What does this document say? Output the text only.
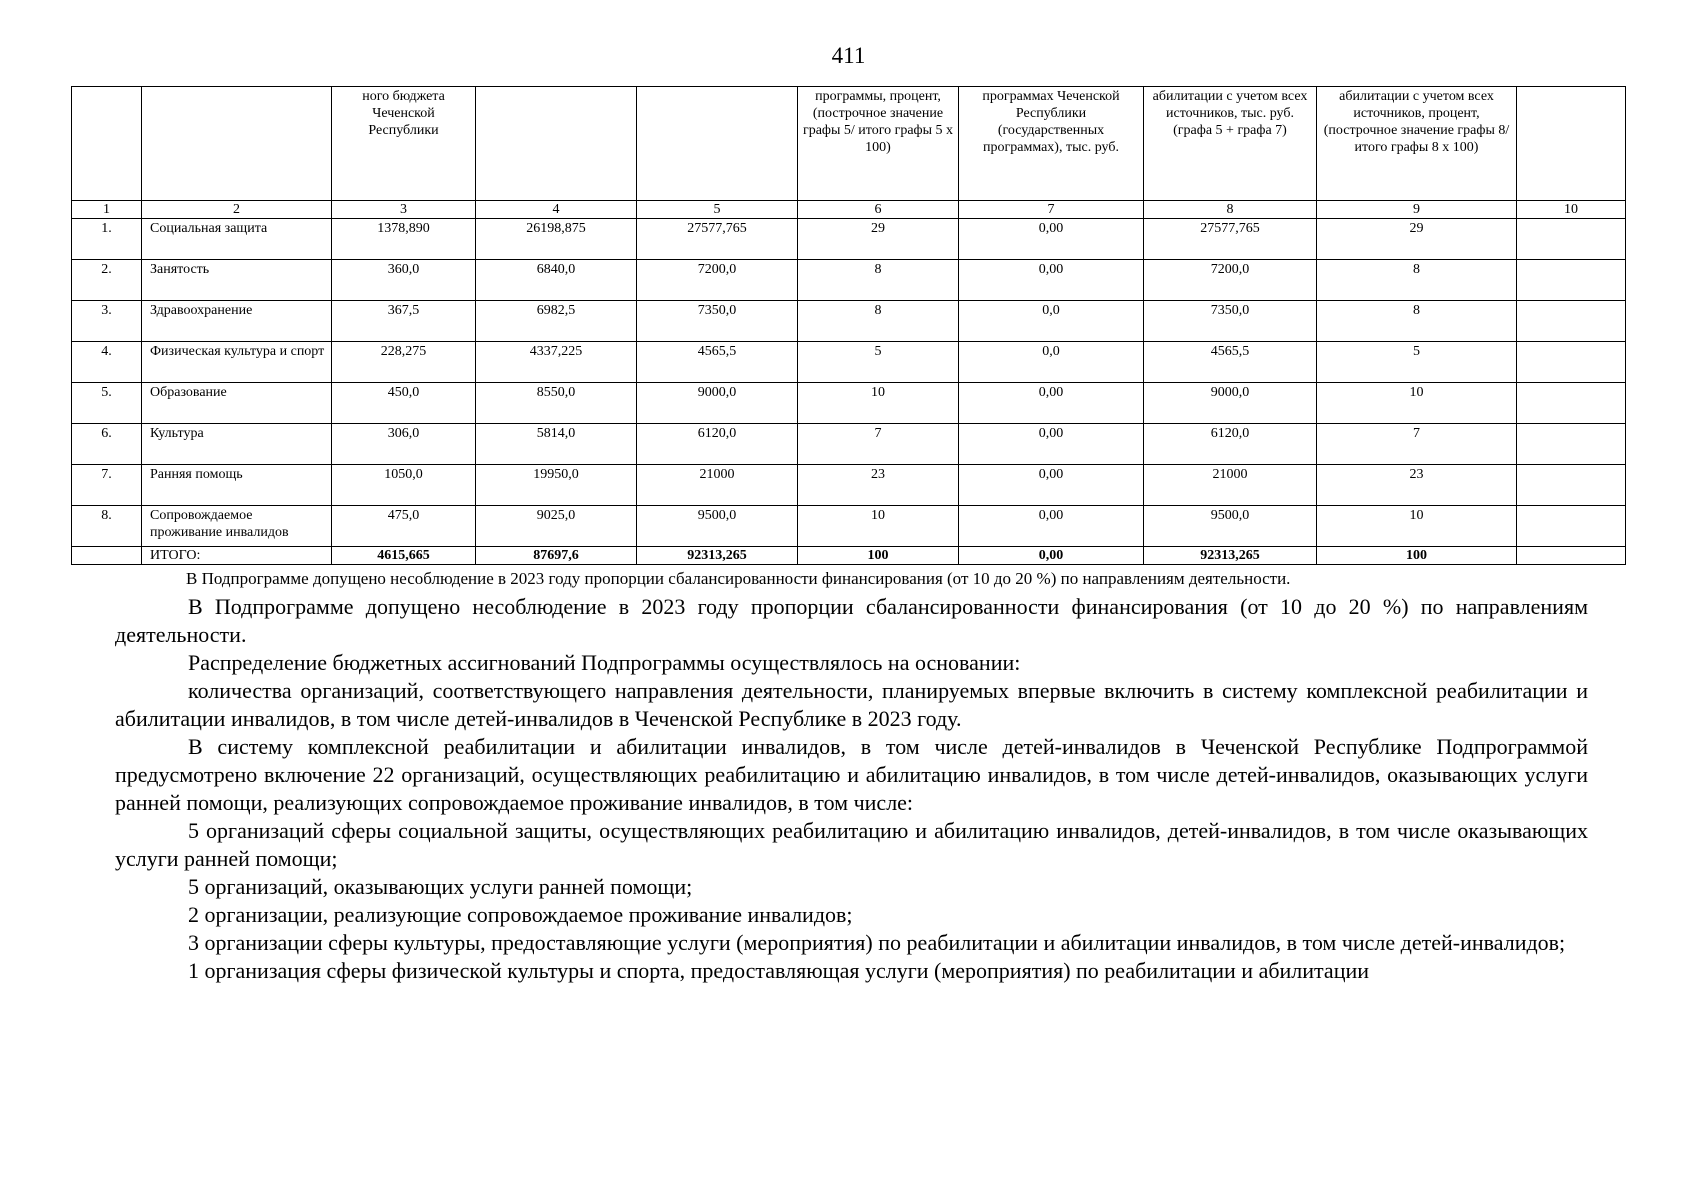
411
		ного бюджета Чеченской Республики			программы, процент, (построчное значение графы 5/ итого графы 5 х 100)	программах Чеченской Республики (государственных программах), тыс. руб.	абилитации с учетом всех источников, тыс. руб.(графа 5 + графа 7)	абилитации с учетом всех источников, процент, (построчное значение графы 8/ итого графы 8 х 100)	
1	2	3	4	5	6	7	8	9	10
1.	Социальная защита	1378,890	26198,875	27577,765	29	0,00	27577,765	29	
2.	Занятость	360,0	6840,0	7200,0	8	0,00	7200,0	8	
3.	Здравоохранение	367,5	6982,5	7350,0	8	0,0	7350,0	8	
4.	Физическая культура и спорт	228,275	4337,225	4565,5	5	0,0	4565,5	5	
5.	Образование	450,0	8550,0	9000,0	10	0,00	9000,0	10	
6.	Культура	306,0	5814,0	6120,0	7	0,00	6120,0	7	
7.	Ранняя помощь	1050,0	19950,0	21000	23	0,00	21000	23	
8.	Сопровождаемое проживание инвалидов	475,0	9025,0	9500,0	10	0,00	9500,0	10	
	ИТОГО:	4615,665	87697,6	92313,265	100	0,00	92313,265	100	
В Подпрограмме допущено несоблюдение в 2023 году пропорции сбалансированности финансирования (от 10 до 20 %) по направлениям деятельности.

В Подпрограмме допущено несоблюдение в 2023 году пропорции сбалансированности финансирования (от 10 до 20 %) по направлениям деятельности.

Распределение бюджетных ассигнований Подпрограммы осуществлялось на основании:

количества организаций, соответствующего направления деятельности, планируемых впервые включить в систему комплексной реабилитации и абилитации инвалидов, в том числе детей-инвалидов в Чеченской Республике в 2023 году.

В систему комплексной реабилитации и абилитации инвалидов, в том числе детей-инвалидов в Чеченской Республике Подпрограммой предусмотрено включение 22 организаций, осуществляющих реабилитацию и абилитацию инвалидов, в том числе детей-инвалидов, оказывающих услуги ранней помощи, реализующих сопровождаемое проживание инвалидов, в том числе:

5 организаций сферы социальной защиты, осуществляющих реабилитацию и абилитацию инвалидов, детей-инвалидов, в том числе оказывающих услуги ранней помощи;

5 организаций, оказывающих услуги ранней помощи;

2 организации, реализующие сопровождаемое проживание инвалидов;

3 организации сферы культуры, предоставляющие услуги (мероприятия) по реабилитации и абилитации инвалидов, в том числе детей-инвалидов;

1 организация сферы физической культуры и спорта, предоставляющая услуги (мероприятия) по реабилитации и абилитации
